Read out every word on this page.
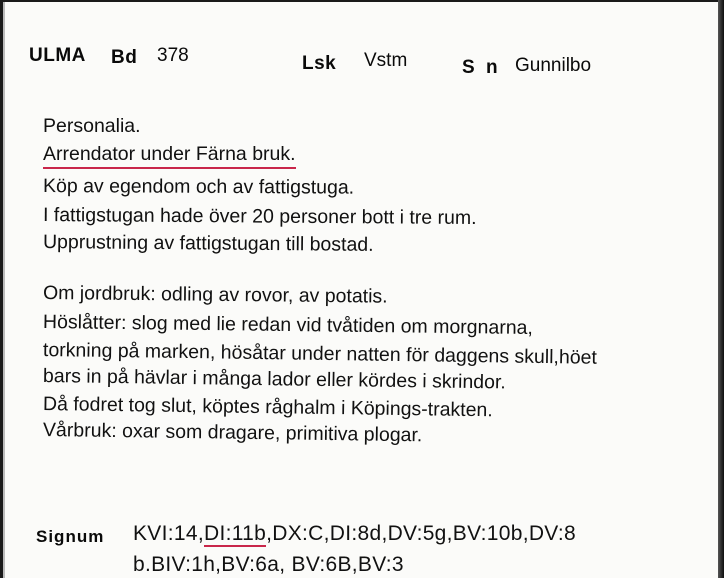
ULMA Bd 378	Lsk Vstm	S n Gunnilbo
Personalia.
Arrendator under Färna bruk.
Köp av egendom och av fattigstuga.
I fattigstugan hade över 20 personer bott i tre rum.
Upprustning av fattigstugan till bostad.
Om jordbruk: odling av rovor, av potatis.
Höslåtter: slog med lie redan vid tvåtiden om morgnarna,
torkning på marken, hösåtar under natten för daggens skull,höet
bars in på hävlar i många lador eller kördes i skrindor.
Då fodret tog slut, köptes råghalm i Köpings-trakten.
Vårbruk: oxar som dragare, primitiva plogar.
Signum KVI:14,DI:11b,DX:C,DI:8d,DV:5g,BV:10b,DV:8
b.BIV:1h,BV:6a, BV:6B,BV:3
